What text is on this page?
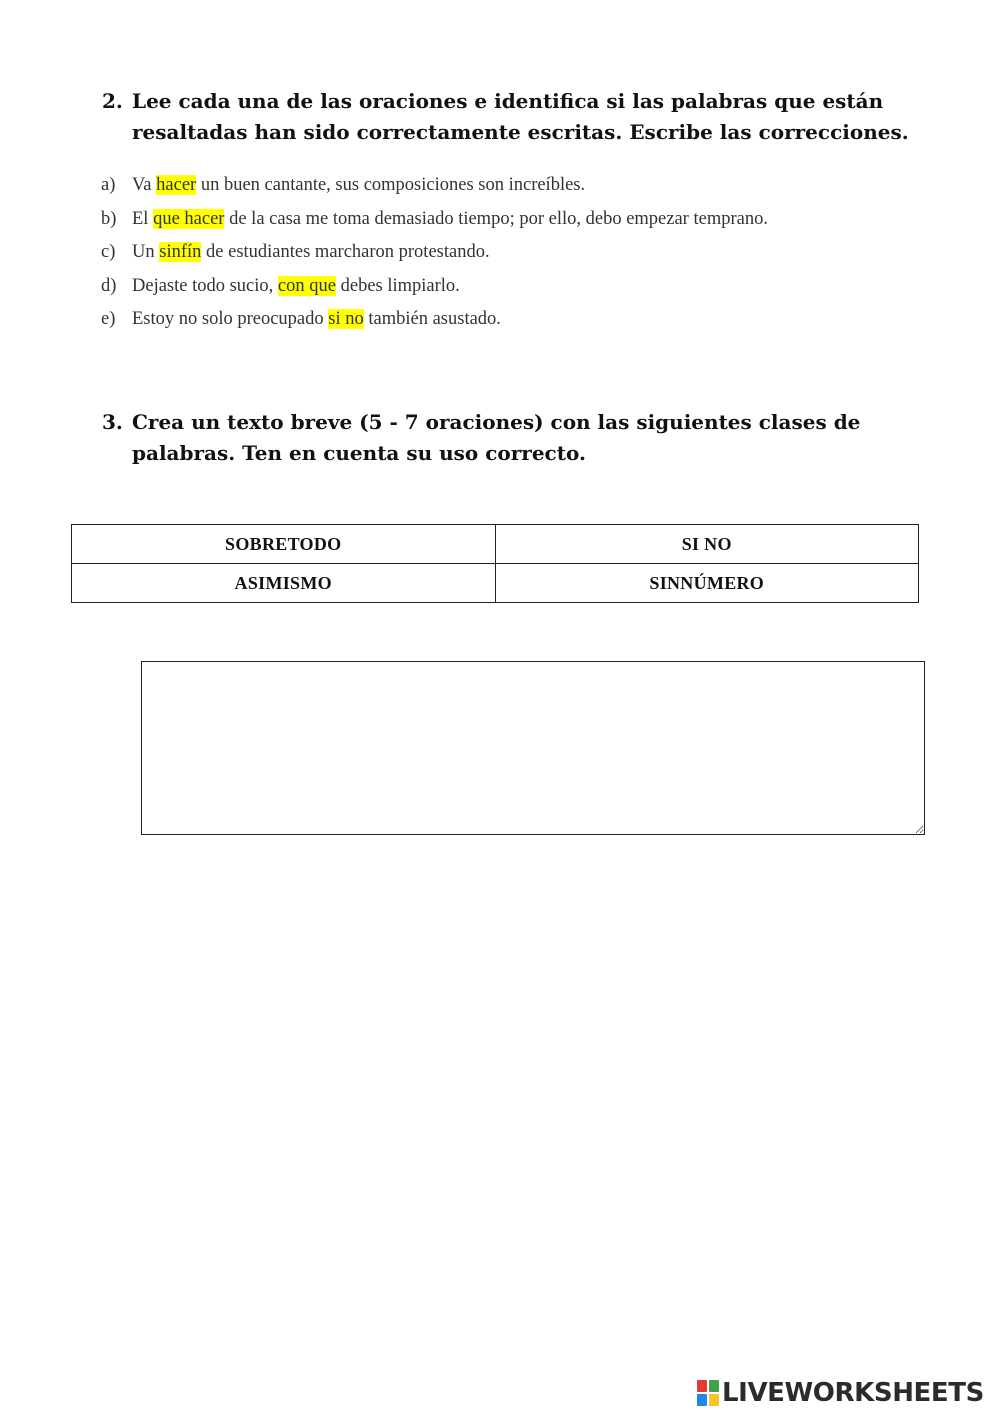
2. Lee cada una de las oraciones e identifica si las palabras que están resaltadas han sido correctamente escritas. Escribe las correcciones.
a) Va hacer un buen cantante, sus composiciones son increíbles.
b) El que hacer de la casa me toma demasiado tiempo; por ello, debo empezar temprano.
c) Un sinfín de estudiantes marcharon protestando.
d) Dejaste todo sucio, con que debes limpiarlo.
e) Estoy no solo preocupado si no también asustado.
3. Crea un texto breve (5 - 7 oraciones) con las siguientes clases de palabras. Ten en cuenta su uso correcto.
SOBRETODO	SI NO
ASIMISMO	SINNÚMERO
LIVEWORKSHEETS
